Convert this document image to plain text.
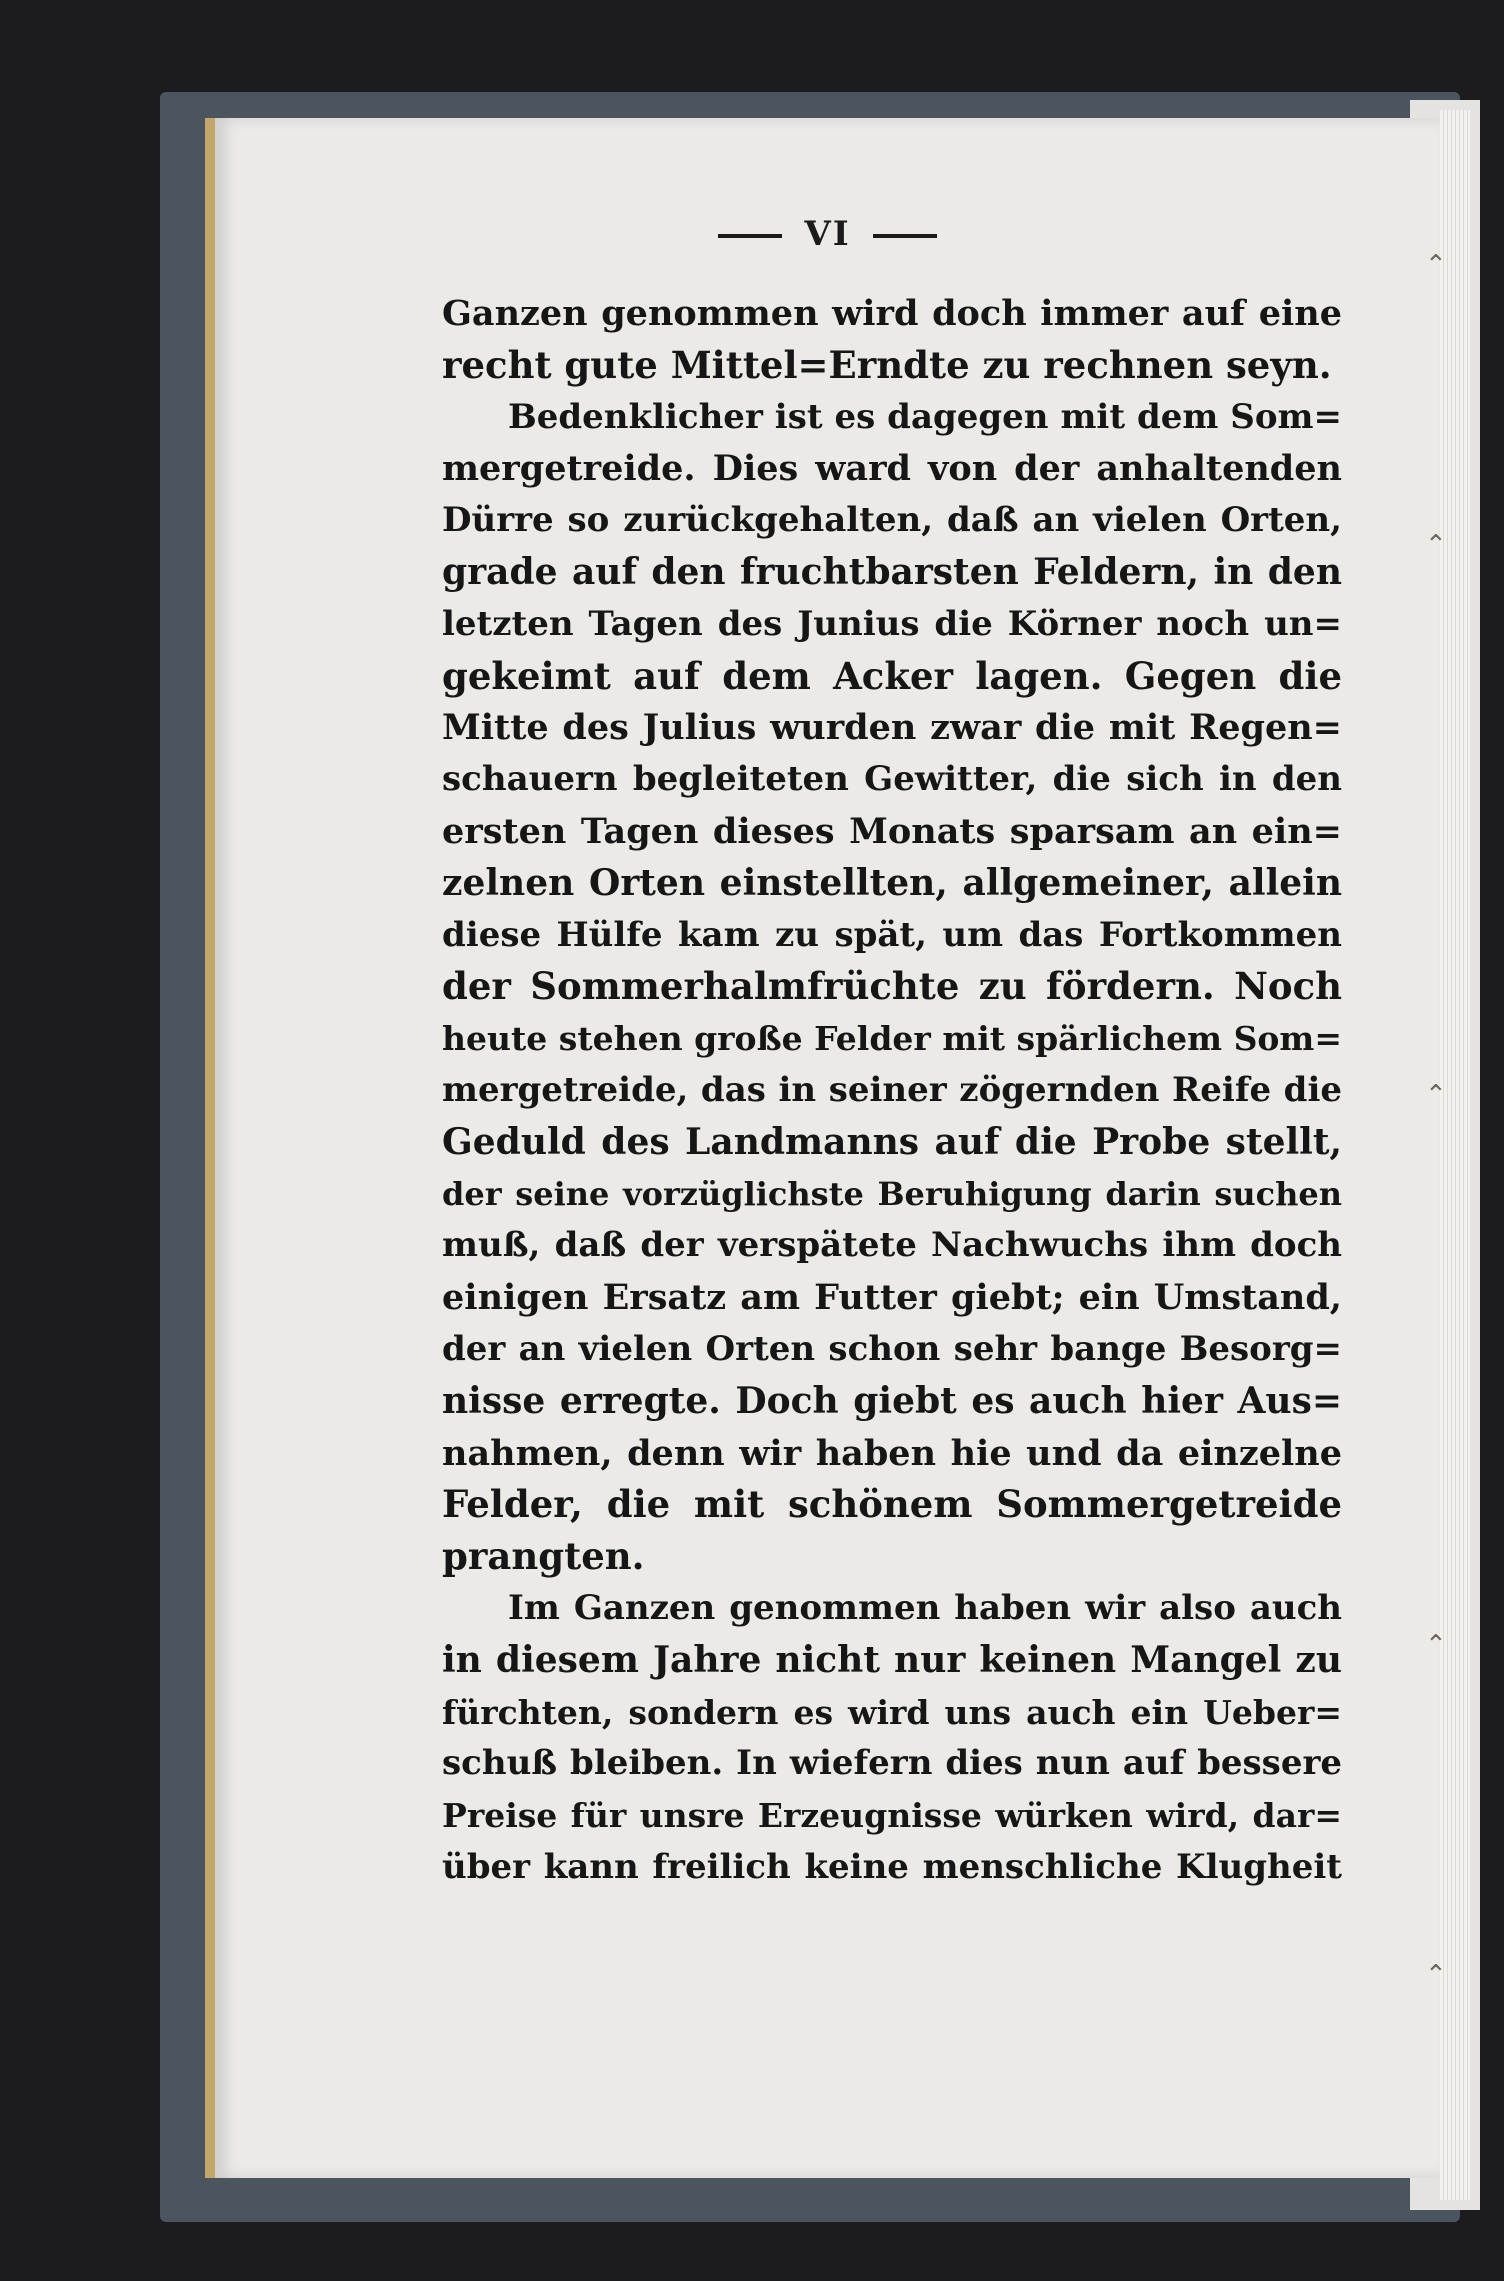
VI
Ganzen genommen wird doch immer auf eine
recht gute Mittel=Erndte zu rechnen seyn.
Bedenklicher ist es dagegen mit dem Som=
mergetreide. Dies ward von der anhaltenden
Dürre so zurückgehalten, daß an vielen Orten,
grade auf den fruchtbarsten Feldern, in den
letzten Tagen des Junius die Körner noch un=
gekeimt auf dem Acker lagen. Gegen die
Mitte des Julius wurden zwar die mit Regen=
schauern begleiteten Gewitter, die sich in den
ersten Tagen dieses Monats sparsam an ein=
zelnen Orten einstellten, allgemeiner, allein
diese Hülfe kam zu spät, um das Fortkommen
der Sommerhalmfrüchte zu fördern. Noch
heute stehen große Felder mit spärlichem Som=
mergetreide, das in seiner zögernden Reife die
Geduld des Landmanns auf die Probe stellt,
der seine vorzüglichste Beruhigung darin suchen
muß, daß der verspätete Nachwuchs ihm doch
einigen Ersatz am Futter giebt; ein Umstand,
der an vielen Orten schon sehr bange Besorg=
nisse erregte. Doch giebt es auch hier Aus=
nahmen, denn wir haben hie und da einzelne
Felder, die mit schönem Sommergetreide
prangten.
Im Ganzen genommen haben wir also auch
in diesem Jahre nicht nur keinen Mangel zu
fürchten, sondern es wird uns auch ein Ueber=
schuß bleiben. In wiefern dies nun auf bessere
Preise für unsre Erzeugnisse würken wird, dar=
über kann freilich keine menschliche Klugheit
⌃
⌃
⌃
⌃
⌃
